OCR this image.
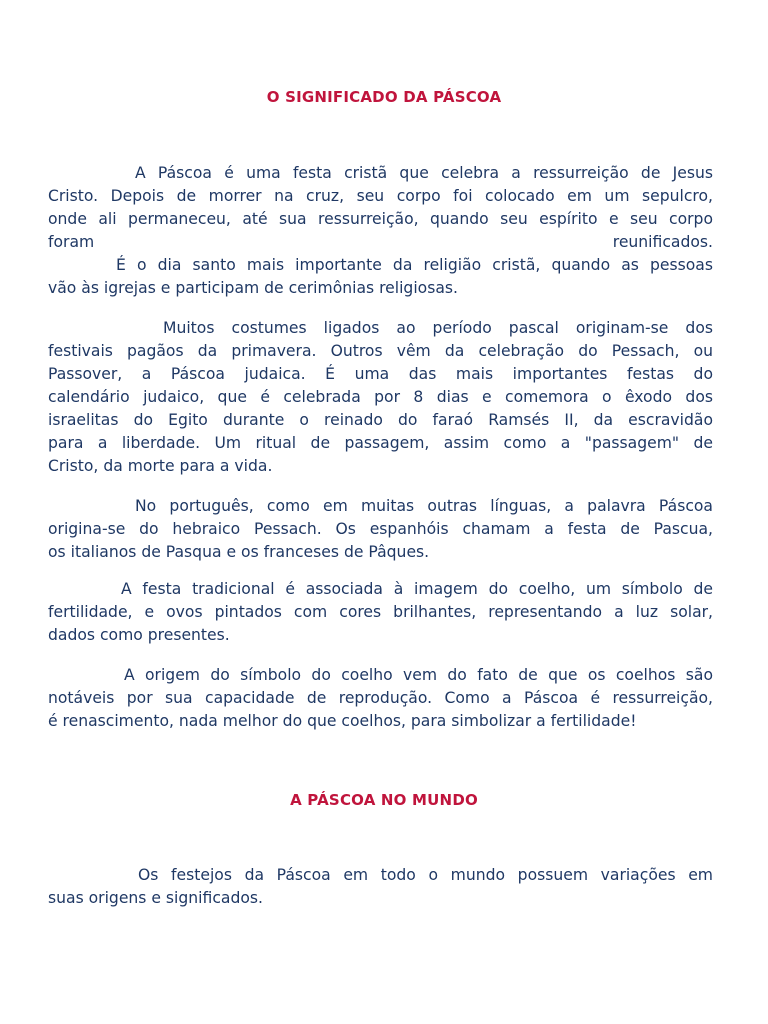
O SIGNIFICADO DA PÁSCOA

A Páscoa é uma festa cristã que celebra a ressurreição de Jesus
Cristo. Depois de morrer na cruz, seu corpo foi colocado em um sepulcro,
onde ali permaneceu, até sua ressurreição, quando seu espírito e seu corpo
foram reunificados.

É o dia santo mais importante da religião cristã, quando as pessoas
vão às igrejas e participam de cerimônias religiosas.

Muitos costumes ligados ao período pascal originam-se dos
festivais pagãos da primavera. Outros vêm da celebração do Pessach, ou
Passover, a Páscoa judaica. É uma das mais importantes festas do
calendário judaico, que é celebrada por 8 dias e comemora o êxodo dos
israelitas do Egito durante o reinado do faraó Ramsés II, da escravidão
para a liberdade. Um ritual de passagem, assim como a "passagem" de
Cristo, da morte para a vida.

No português, como em muitas outras línguas, a palavra Páscoa
origina-se do hebraico Pessach. Os espanhóis chamam a festa de Pascua,
os italianos de Pasqua e os franceses de Pâques.

A festa tradicional é associada à imagem do coelho, um símbolo de
fertilidade, e ovos pintados com cores brilhantes, representando a luz solar,
dados como presentes.

A origem do símbolo do coelho vem do fato de que os coelhos são
notáveis por sua capacidade de reprodução. Como a Páscoa é ressurreição,
é renascimento, nada melhor do que coelhos, para simbolizar a fertilidade!

A PÁSCOA NO MUNDO

Os festejos da Páscoa em todo o mundo possuem variações em
suas origens e significados.
